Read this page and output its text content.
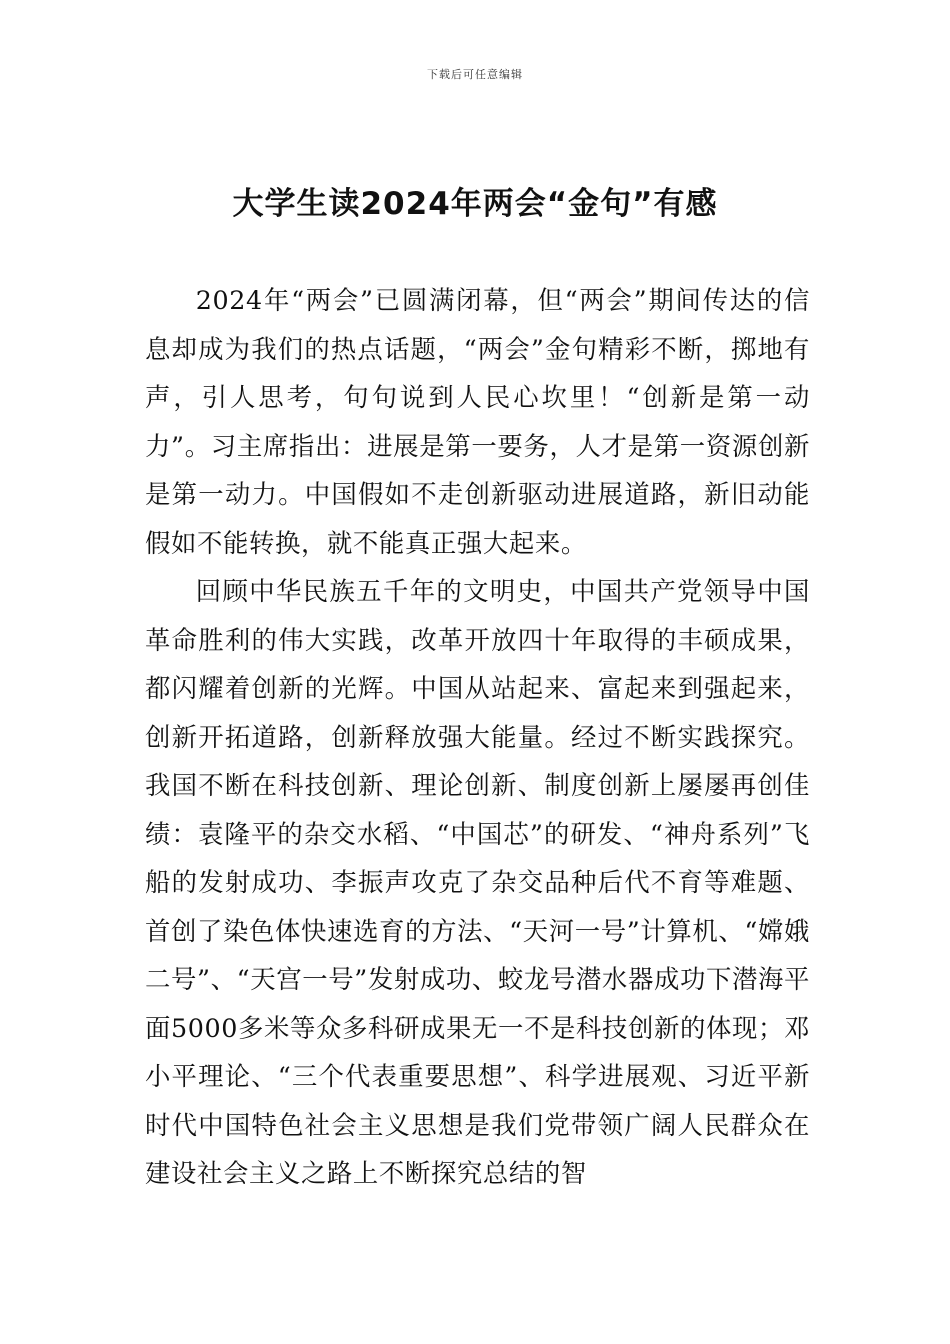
下载后可任意编辑
大学生读2024年两会“金句”有感

2024年“两会”已圆满闭幕，但“两会”期间传达的信息却成为我们的热点话题，“两会”金句精彩不断，掷地有声，引人思考，句句说到人民心坎里！“创新是第一动力”。习主席指出：进展是第一要务，人才是第一资源创新是第一动力。中国假如不走创新驱动进展道路，新旧动能假如不能转换，就不能真正强大起来。

回顾中华民族五千年的文明史，中国共产党领导中国革命胜利的伟大实践，改革开放四十年取得的丰硕成果，都闪耀着创新的光辉。中国从站起来、富起来到强起来，创新开拓道路，创新释放强大能量。经过不断实践探究。我国不断在科技创新、理论创新、制度创新上屡屡再创佳绩：袁隆平的杂交水稻、“中国芯”的研发、“神舟系列”飞船的发射成功、李振声攻克了杂交品种后代不育等难题、首创了染色体快速选育的方法、“天河一号”计算机、“嫦娥二号”、“天宫一号”发射成功、蛟龙号潜水器成功下潜海平面5000多米等众多科研成果无一不是科技创新的体现；邓小平理论、“三个代表重要思想”、科学进展观、习近平新时代中国特色社会主义思想是我们党带领广阔人民群众在建设社会主义之路上不断探究总结的智
